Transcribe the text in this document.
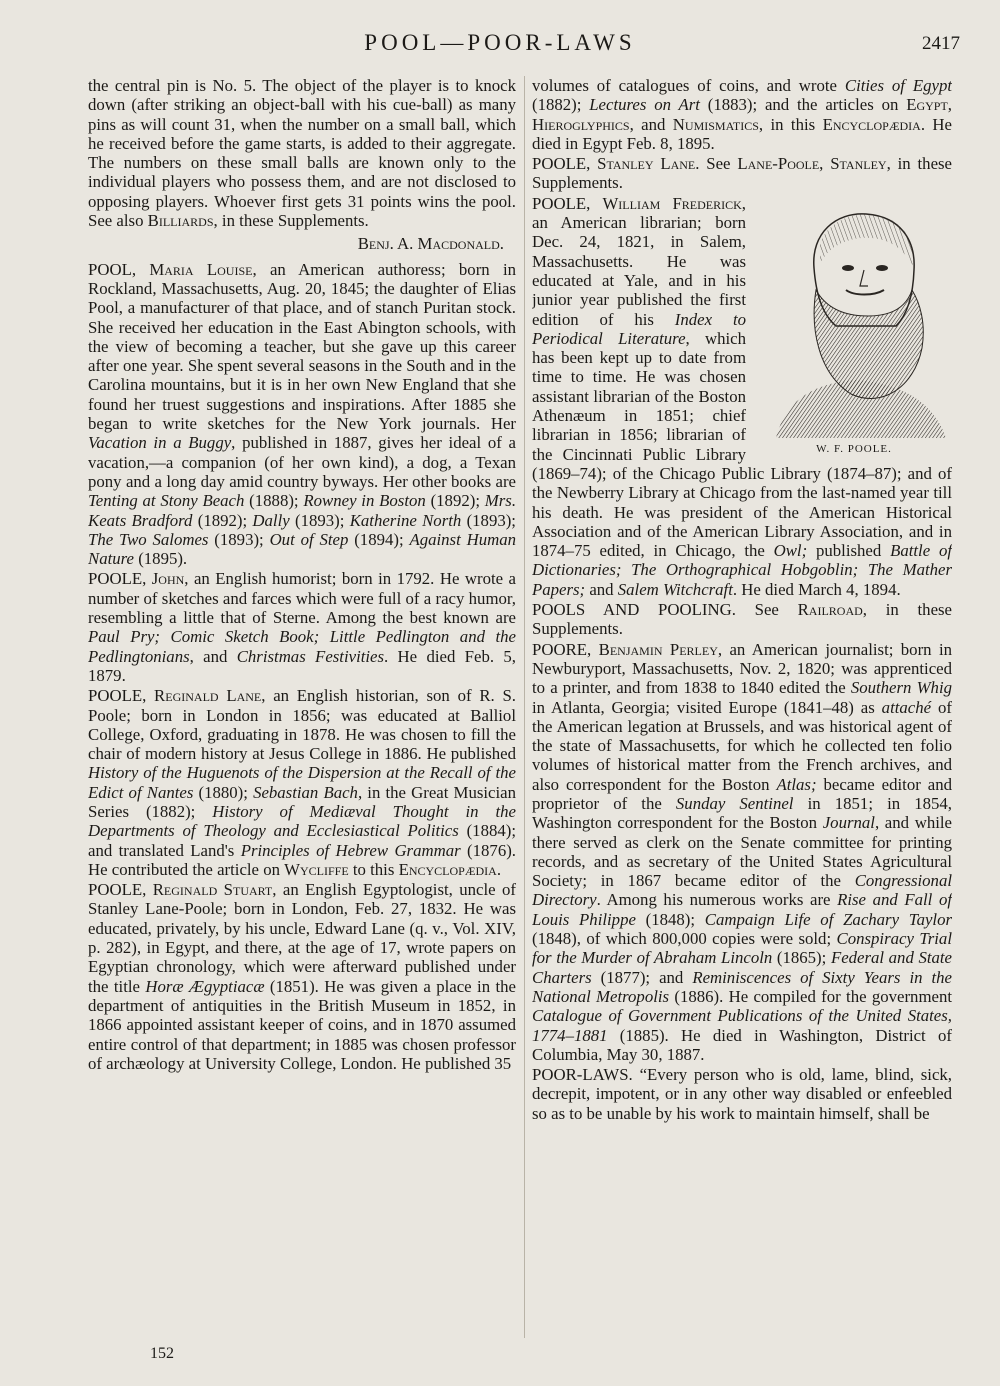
POOL—POOR-LAWS	2417

the central pin is No. 5. The object of the player is to knock down (after striking an object-ball with his cue-ball) as many pins as will count 31, when the number on a small ball, which he received before the game starts, is added to their aggregate. The numbers on these small balls are known only to the individual players who possess them, and are not disclosed to opposing players. Whoever first gets 31 points wins the pool. See also Billiards, in these Supplements.

Benj. A. Macdonald.

POOL, Maria Louise, an American authoress; born in Rockland, Massachusetts, Aug. 20, 1845; the daughter of Elias Pool, a manufacturer of that place, and of stanch Puritan stock. She received her education in the East Abington schools, with the view of becoming a teacher, but she gave up this career after one year. She spent several seasons in the South and in the Carolina mountains, but it is in her own New England that she found her truest suggestions and inspirations. After 1885 she began to write sketches for the New York journals. Her Vacation in a Buggy, published in 1887, gives her ideal of a vacation,—a companion (of her own kind), a dog, a Texan pony and a long day amid country byways. Her other books are Tenting at Stony Beach (1888); Rowney in Boston (1892); Mrs. Keats Bradford (1892); Dally (1893); Katherine North (1893); The Two Salomes (1893); Out of Step (1894); Against Human Nature (1895).

POOLE, John, an English humorist; born in 1792. He wrote a number of sketches and farces which were full of a racy humor, resembling a little that of Sterne. Among the best known are Paul Pry; Comic Sketch Book; Little Pedlington and the Pedlingtonians, and Christmas Festivities. He died Feb. 5, 1879.

POOLE, Reginald Lane, an English historian, son of R. S. Poole; born in London in 1856; was educated at Balliol College, Oxford, graduating in 1878. He was chosen to fill the chair of modern history at Jesus College in 1886. He published History of the Huguenots of the Dispersion at the Recall of the Edict of Nantes (1880); Sebastian Bach, in the Great Musician Series (1882); History of Mediæval Thought in the Departments of Theology and Ecclesiastical Politics (1884); and translated Land's Principles of Hebrew Grammar (1876). He contributed the article on Wycliffe to this Encyclopædia.

POOLE, Reginald Stuart, an English Egyptologist, uncle of Stanley Lane-Poole; born in London, Feb. 27, 1832. He was educated, privately, by his uncle, Edward Lane (q. v., Vol. XIV, p. 282), in Egypt, and there, at the age of 17, wrote papers on Egyptian chronology, which were afterward published under the title Horæ Ægyptiacæ (1851). He was given a place in the department of antiquities in the British Museum in 1852, in 1866 appointed assistant keeper of coins, and in 1870 assumed entire control of that department; in 1885 was chosen professor of archæology at University College, London. He published 35

volumes of catalogues of coins, and wrote Cities of Egypt (1882); Lectures on Art (1883); and the articles on Egypt, Hieroglyphics, and Numismatics, in this Encyclopædia. He died in Egypt Feb. 8, 1895.

POOLE, Stanley Lane. See Lane-Poole, Stanley, in these Supplements.

W. F. POOLE.
POOLE, William Frederick, an American librarian; born Dec. 24, 1821, in Salem, Massachusetts. He was educated at Yale, and in his junior year published the first edition of his Index to Periodical Literature, which has been kept up to date from time to time. He was chosen assistant librarian of the Boston Athenæum in 1851; chief librarian in 1856; librarian of the Cincinnati Public Library (1869–74); of the Chicago Public Library (1874–87); and of the Newberry Library at Chicago from the last-named year till his death. He was president of the American Historical Association and of the American Library Association, and in 1874–75 edited, in Chicago, the Owl; published Battle of Dictionaries; The Orthographical Hobgoblin; The Mather Papers; and Salem Witchcraft. He died March 4, 1894.

POOLS AND POOLING. See Railroad, in these Supplements.

POORE, Benjamin Perley, an American journalist; born in Newburyport, Massachusetts, Nov. 2, 1820; was apprenticed to a printer, and from 1838 to 1840 edited the Southern Whig in Atlanta, Georgia; visited Europe (1841–48) as attaché of the American legation at Brussels, and was historical agent of the state of Massachusetts, for which he collected ten folio volumes of historical matter from the French archives, and also correspondent for the Boston Atlas; became editor and proprietor of the Sunday Sentinel in 1851; in 1854, Washington correspondent for the Boston Journal, and while there served as clerk on the Senate committee for printing records, and as secretary of the United States Agricultural Society; in 1867 became editor of the Congressional Directory. Among his numerous works are Rise and Fall of Louis Philippe (1848); Campaign Life of Zachary Taylor (1848), of which 800,000 copies were sold; Conspiracy Trial for the Murder of Abraham Lincoln (1865); Federal and State Charters (1877); and Reminiscences of Sixty Years in the National Metropolis (1886). He compiled for the government Catalogue of Government Publications of the United States, 1774–1881 (1885). He died in Washington, District of Columbia, May 30, 1887.

POOR-LAWS. “Every person who is old, lame, blind, sick, decrepit, impotent, or in any other way disabled or enfeebled so as to be unable by his work to maintain himself, shall be

152
